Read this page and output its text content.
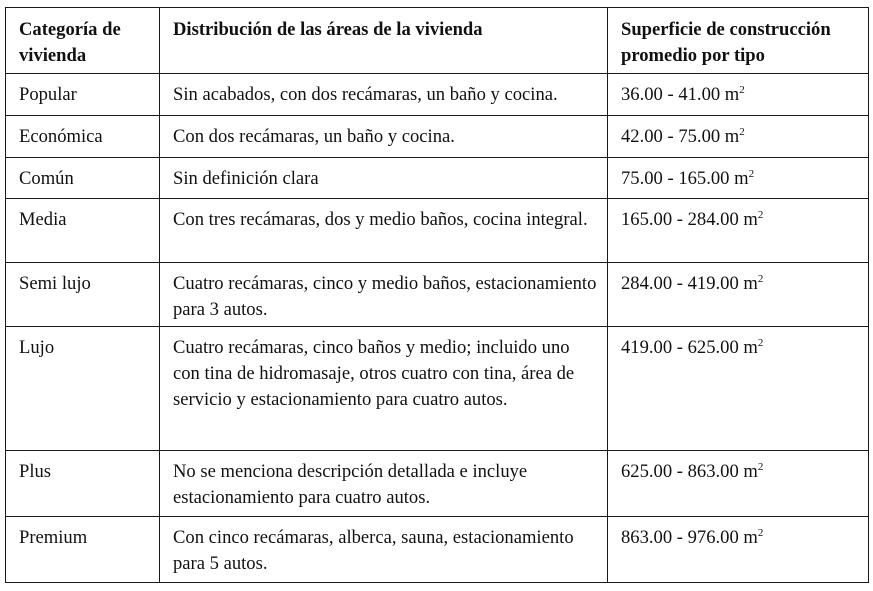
Categoría de vivienda	Distribución de las áreas de la vivienda	Superficie de construcción promedio por tipo
Popular	Sin acabados, con dos recámaras, un baño y cocina.	36.00 - 41.00 $m^2$
Económica	Con dos recámaras, un baño y cocina.	42.00 - 75.00 $m^2$
Común	Sin definición clara	75.00 - 165.00 $m^2$
Media	Con tres recámaras, dos y medio baños, cocina integral.	165.00 - 284.00 $m^2$
Semi lujo	Cuatro recámaras, cinco y medio baños, estacionamiento para 3 autos.	284.00 - 419.00 $m^2$
Lujo	Cuatro recámaras, cinco baños y medio; incluido uno con tina de hidromasaje, otros cuatro con tina, área de servicio y estacionamiento para cuatro autos.	419.00 - 625.00 $m^2$
Plus	No se menciona descripción detallada e incluye estacionamiento para cuatro autos.	625.00 - 863.00 $m^2$
Premium	Con cinco recámaras, alberca, sauna, estacionamiento para 5 autos.	863.00 - 976.00 $m^2$
